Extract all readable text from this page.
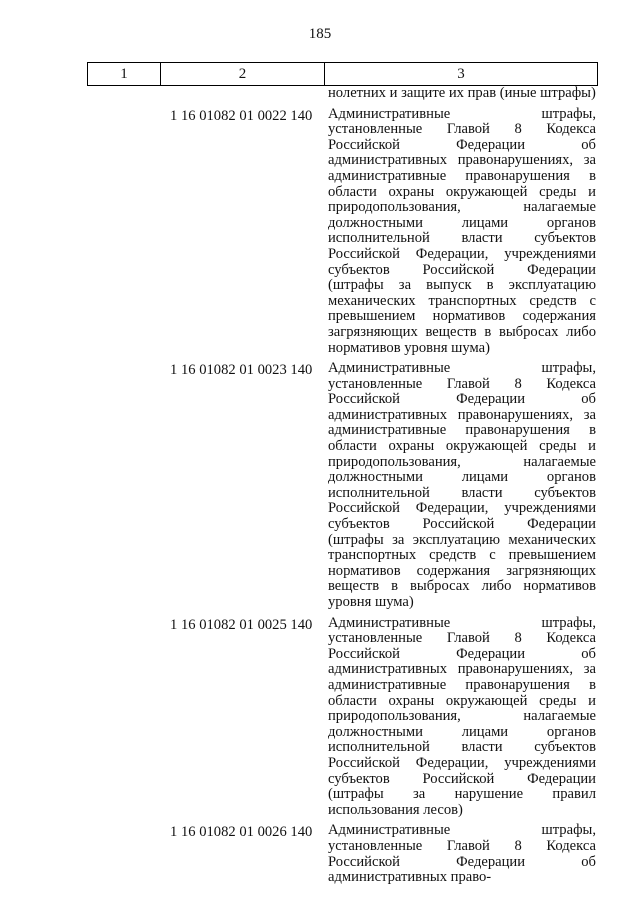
185
1	2	3
нолетних и защите их прав (иные штрафы)
1 16 01082 01 0022 140	Административные штрафы, установленные Главой 8 Кодекса Российской Федерации об административных правонарушениях, за административные правонарушения в области охраны окружающей среды и природопользования, налагаемые должностными лицами органов исполнительной власти субъектов Российской Федерации, учреждениями субъектов Российской Федерации (штрафы за выпуск в эксплуатацию механических транспортных средств с превышением нормативов содержания загрязняющих веществ в выбросах либо нормативов уровня шума)
1 16 01082 01 0023 140	Административные штрафы, установленные Главой 8 Кодекса Российской Федерации об административных правонарушениях, за административные правонарушения в области охраны окружающей среды и природопользования, налагаемые должностными лицами органов исполнительной власти субъектов Российской Федерации, учреждениями субъектов Российской Федерации (штрафы за эксплуатацию механических транспортных средств с превышением нормативов содержания загрязняющих веществ в выбросах либо нормативов уровня шума)
1 16 01082 01 0025 140	Административные штрафы, установленные Главой 8 Кодекса Российской Федерации об административных правонарушениях, за административные правонарушения в области охраны окружающей среды и природопользования, налагаемые должностными лицами органов исполнительной власти субъектов Российской Федерации, учреждениями субъектов Российской Федерации (штрафы за нарушение правил использования лесов)
1 16 01082 01 0026 140	Административные штрафы, установленные Главой 8 Кодекса Российской Федерации об административных право-
